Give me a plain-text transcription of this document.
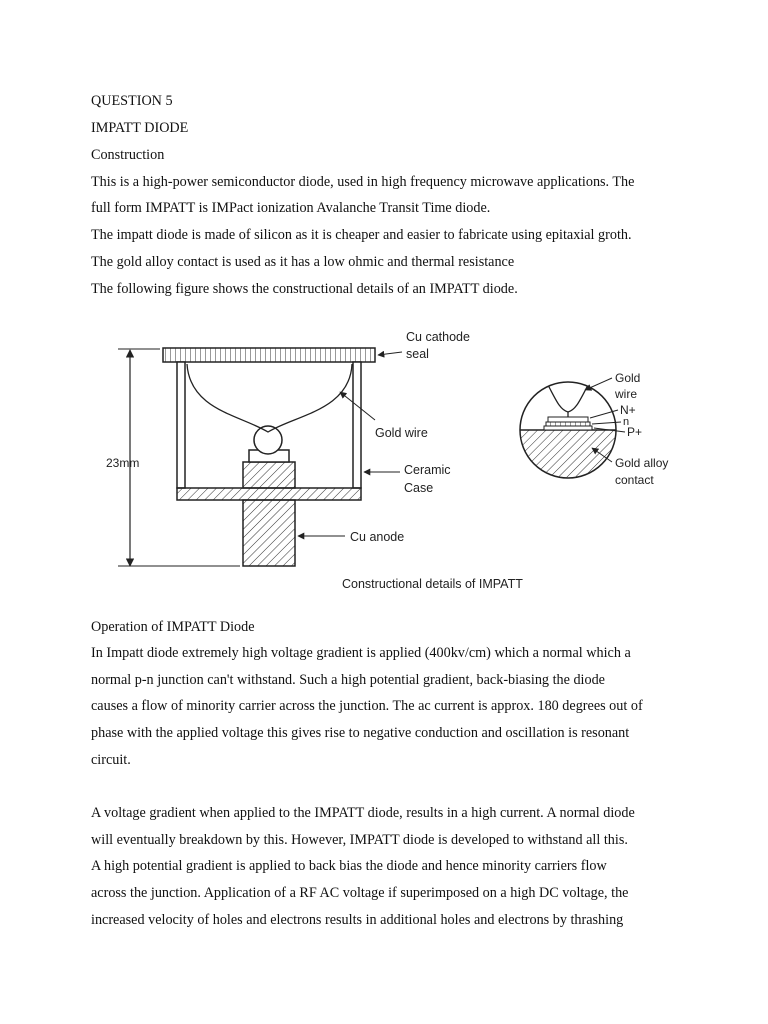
QUESTION 5
IMPATT DIODE
Construction
This is a high-power semiconductor diode, used in high frequency microwave applications. The
full form IMPATT is IMPact ionization Avalanche Transit Time diode.
The impatt diode is made of silicon as it is cheaper and easier to fabricate using epitaxial groth.
The gold alloy contact is used as it has a low ohmic and thermal resistance
The following figure shows the constructional details of an IMPATT diode.
23mm
Cu cathode
seal
Gold wire
Ceramic
Case
Cu anode
Gold
wire
N+
n
P+
Gold alloy
contact
Constructional details of IMPATT
Operation of IMPATT Diode
In Impatt diode extremely high voltage gradient is applied (400kv/cm) which a normal which a
normal p-n junction can't withstand. Such a high potential gradient, back-biasing the diode
causes a flow of minority carrier across the junction. The ac current is approx. 180 degrees out of
phase with the applied voltage this gives rise to negative conduction and oscillation is resonant
circuit.
A voltage gradient when applied to the IMPATT diode, results in a high current. A normal diode
will eventually breakdown by this. However, IMPATT diode is developed to withstand all this.
A high potential gradient is applied to back bias the diode and hence minority carriers flow
across the junction. Application of a RF AC voltage if superimposed on a high DC voltage, the
increased velocity of holes and electrons results in additional holes and electrons by thrashing
